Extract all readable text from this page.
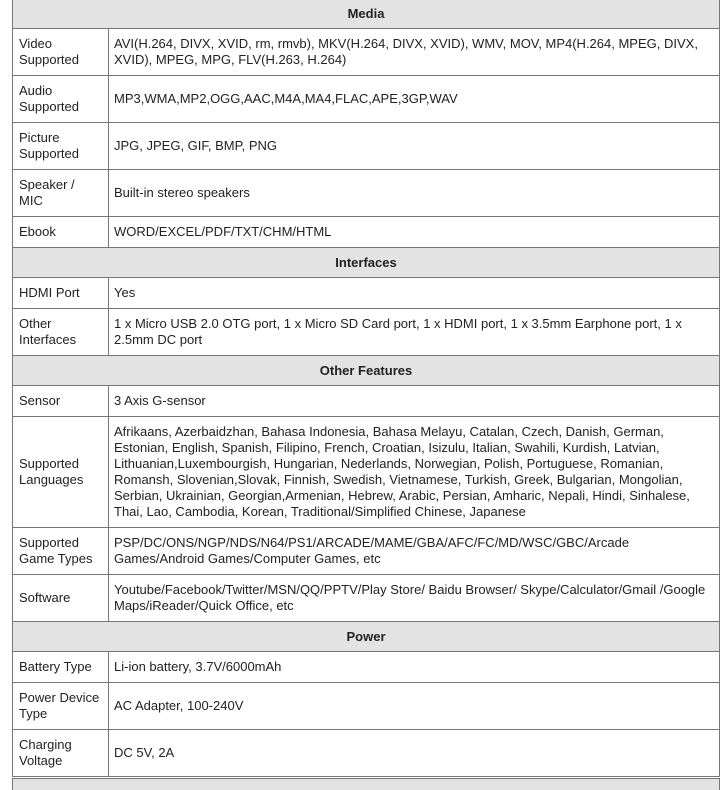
Media	
Video Supported	AVI(H.264, DIVX, XVID, rm, rmvb), MKV(H.264, DIVX, XVID), WMV, MOV, MP4(H.264, MPEG, DIVX, XVID), MPEG, MPG, FLV(H.263, H.264)
Audio Supported	MP3,WMA,MP2,OGG,AAC,M4A,MA4,FLAC,APE,3GP,WAV
Picture Supported	JPG, JPEG, GIF, BMP, PNG
Speaker / MIC	Built-in stereo speakers
Ebook	WORD/EXCEL/PDF/TXT/CHM/HTML
Interfaces	
HDMI Port	Yes
Other Interfaces	1 x Micro USB 2.0 OTG port, 1 x Micro SD Card port, 1 x HDMI port, 1 x 3.5mm Earphone port, 1 x 2.5mm DC port
Other Features	
Sensor	3 Axis G-sensor
Supported Languages	Afrikaans, Azerbaidzhan, Bahasa Indonesia, Bahasa Melayu, Catalan, Czech, Danish, German, Estonian, English, Spanish, Filipino, French, Croatian, Isizulu, Italian, Swahili, Kurdish, Latvian, Lithuanian,Luxembourgish, Hungarian, Nederlands, Norwegian, Polish, Portuguese, Romanian, Romansh, Slovenian,Slovak, Finnish, Swedish, Vietnamese, Turkish, Greek, Bulgarian, Mongolian, Serbian, Ukrainian, Georgian,Armenian, Hebrew, Arabic, Persian, Amharic, Nepali, Hindi, Sinhalese, Thai, Lao, Cambodia, Korean, Traditional/Simplified Chinese, Japanese
Supported Game Types	PSP/DC/ONS/NGP/NDS/N64/PS1/ARCADE/MAME/GBA/AFC/FC/MD/WSC/GBC/Arcade Games/Android Games/Computer Games, etc
Software	Youtube/Facebook/Twitter/MSN/QQ/PPTV/Play Store/ Baidu Browser/ Skype/Calculator/Gmail /Google Maps/iReader/Quick Office, etc
Power	
Battery Type	Li-ion battery, 3.7V/6000mAh
Power Device Type	AC Adapter, 100-240V
Charging Voltage	DC 5V, 2A
